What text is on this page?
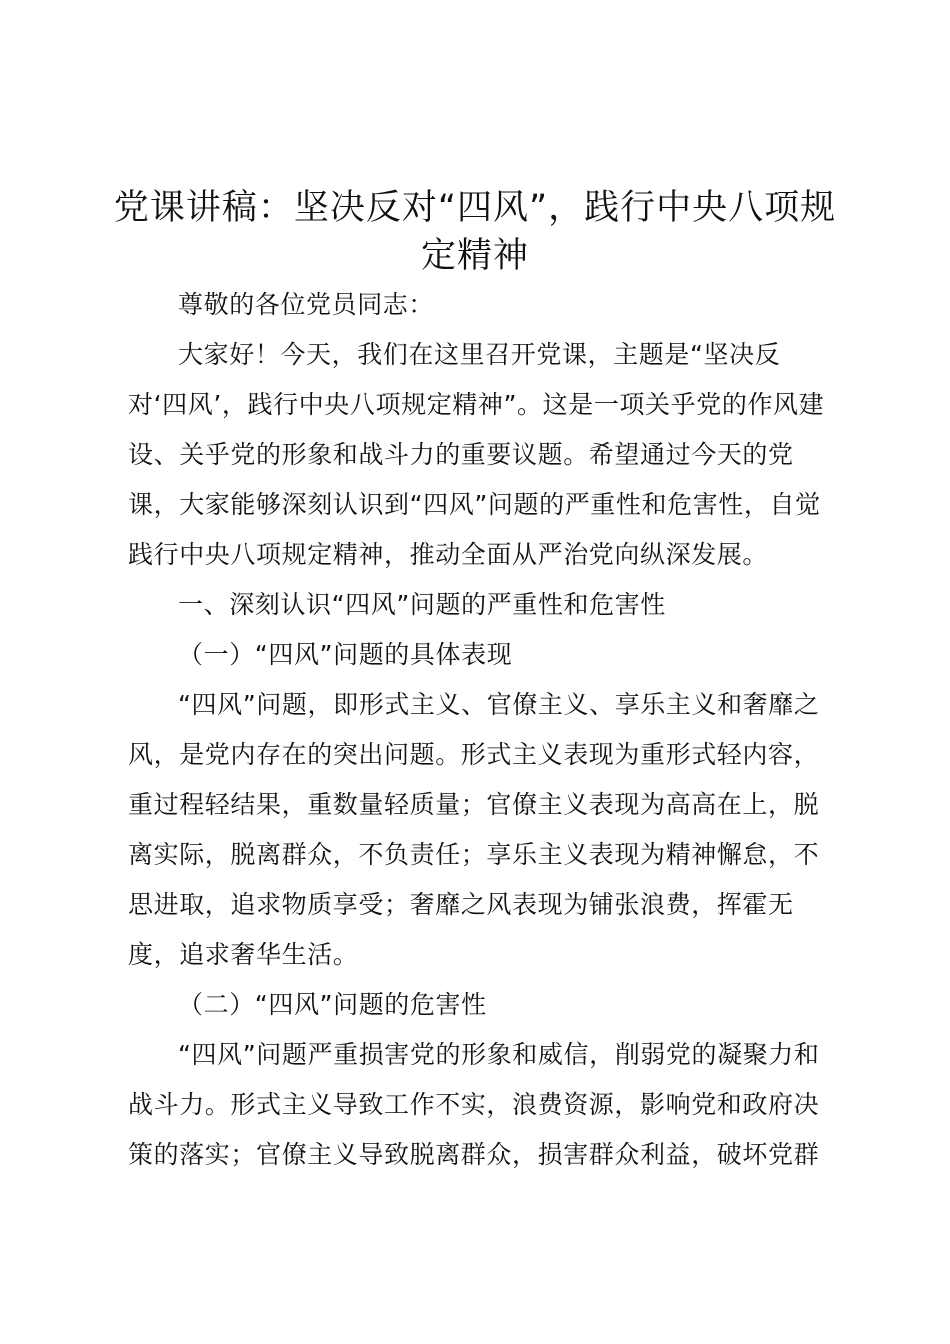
党课讲稿：坚决反对“四风”，践行中央八项规定精神

尊敬的各位党员同志：

大家好！今天，我们在这里召开党课，主题是“坚决反对‘四风’，践行中央八项规定精神”。这是一项关乎党的作风建设、关乎党的形象和战斗力的重要议题。希望通过今天的党课，大家能够深刻认识到“四风”问题的严重性和危害性，自觉践行中央八项规定精神，推动全面从严治党向纵深发展。

一、深刻认识“四风”问题的严重性和危害性

（一）“四风”问题的具体表现

“四风”问题，即形式主义、官僚主义、享乐主义和奢靡之风，是党内存在的突出问题。形式主义表现为重形式轻内容，重过程轻结果，重数量轻质量；官僚主义表现为高高在上，脱离实际，脱离群众，不负责任；享乐主义表现为精神懈怠，不思进取，追求物质享受；奢靡之风表现为铺张浪费，挥霍无度，追求奢华生活。

（二）“四风”问题的危害性

“四风”问题严重损害党的形象和威信，削弱党的凝聚力和战斗力。形式主义导致工作不实，浪费资源，影响党和政府决策的落实；官僚主义导致脱离群众，损害群众利益，破坏党群
